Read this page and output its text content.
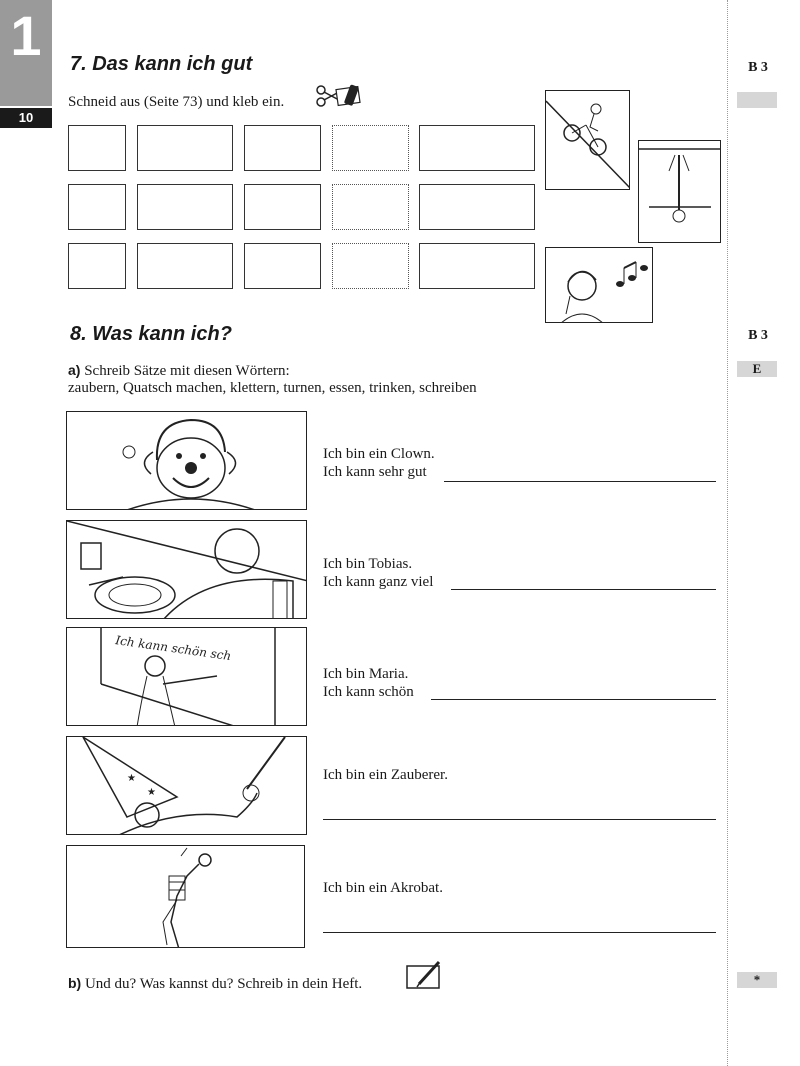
1
10
B 3
B 3
E
*
7. Das kann ich gut
Schneid aus (Seite 73) und kleb ein.
8. Was kann ich?
a) Schreib Sätze mit diesen Wörtern:
zaubern, Quatsch machen, klettern, turnen, essen, trinken, schreiben
Ich bin ein Clown.
Ich kann sehr gut
Ich bin Tobias.
Ich kann ganz viel
Ich kann schön sch
Ich bin Maria.
Ich kann schön
★
★
Ich bin ein Zauberer.
Ich bin ein Akrobat.
b) Und du? Was kannst du? Schreib in dein Heft.
